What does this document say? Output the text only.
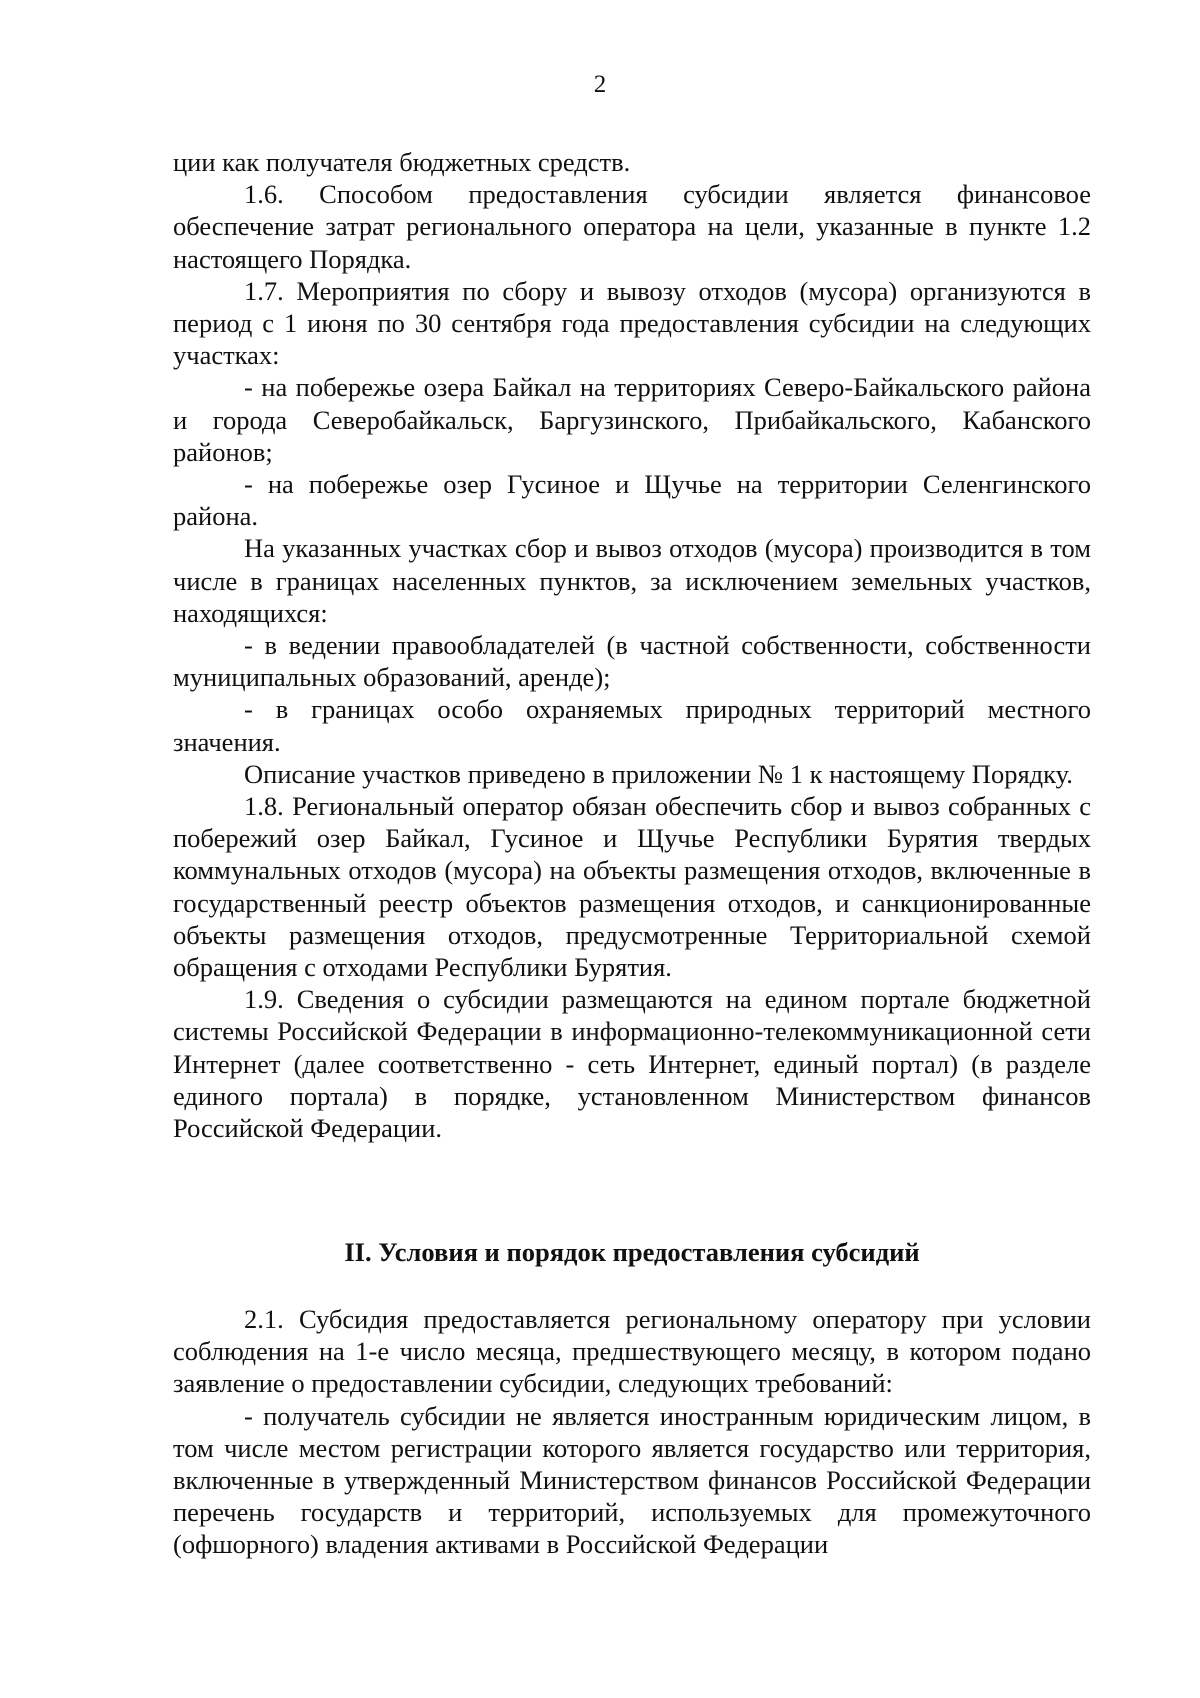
2

ции как получателя бюджетных средств.

1.6. Способом предоставления субсидии является финансовое обеспечение затрат регионального оператора на цели, указанные в пункте 1.2 настоящего Порядка.

1.7. Мероприятия по сбору и вывозу отходов (мусора) организуются в период с 1 июня по 30 сентября года предоставления субсидии на следующих участках:

- на побережье озера Байкал на территориях Северо-Байкальского района и города Северобайкальск, Баргузинского, Прибайкальского, Кабанского районов;

- на побережье озер Гусиное и Щучье на территории Селенгинского района.

На указанных участках сбор и вывоз отходов (мусора) производится в том числе в границах населенных пунктов, за исключением земельных участков, находящихся:

- в ведении правообладателей (в частной собственности, собственности муниципальных образований, аренде);

- в границах особо охраняемых природных территорий местного значения.

Описание участков приведено в приложении № 1 к настоящему Порядку.

1.8. Региональный оператор обязан обеспечить сбор и вывоз собранных с побережий озер Байкал, Гусиное и Щучье Республики Бурятия твердых коммунальных отходов (мусора) на объекты размещения отходов, включенные в государственный реестр объектов размещения отходов, и санкционированные объекты размещения отходов, предусмотренные Территориальной схемой обращения с отходами Республики Бурятия.

1.9. Сведения о субсидии размещаются на едином портале бюджетной системы Российской Федерации в информационно-телекоммуникационной сети Интернет (далее соответственно - сеть Интернет, единый портал) (в разделе единого портала) в порядке, установленном Министерством финансов Российской Федерации.

II. Условия и порядок предоставления субсидий

2.1. Субсидия предоставляется региональному оператору при условии соблюдения на 1-е число месяца, предшествующего месяцу, в котором подано заявление о предоставлении субсидии, следующих требований:

- получатель субсидии не является иностранным юридическим лицом, в том числе местом регистрации которого является государство или территория, включенные в утвержденный Министерством финансов Российской Федерации перечень государств и территорий, используемых для промежуточного (офшорного) владения активами в Российской Федерации
